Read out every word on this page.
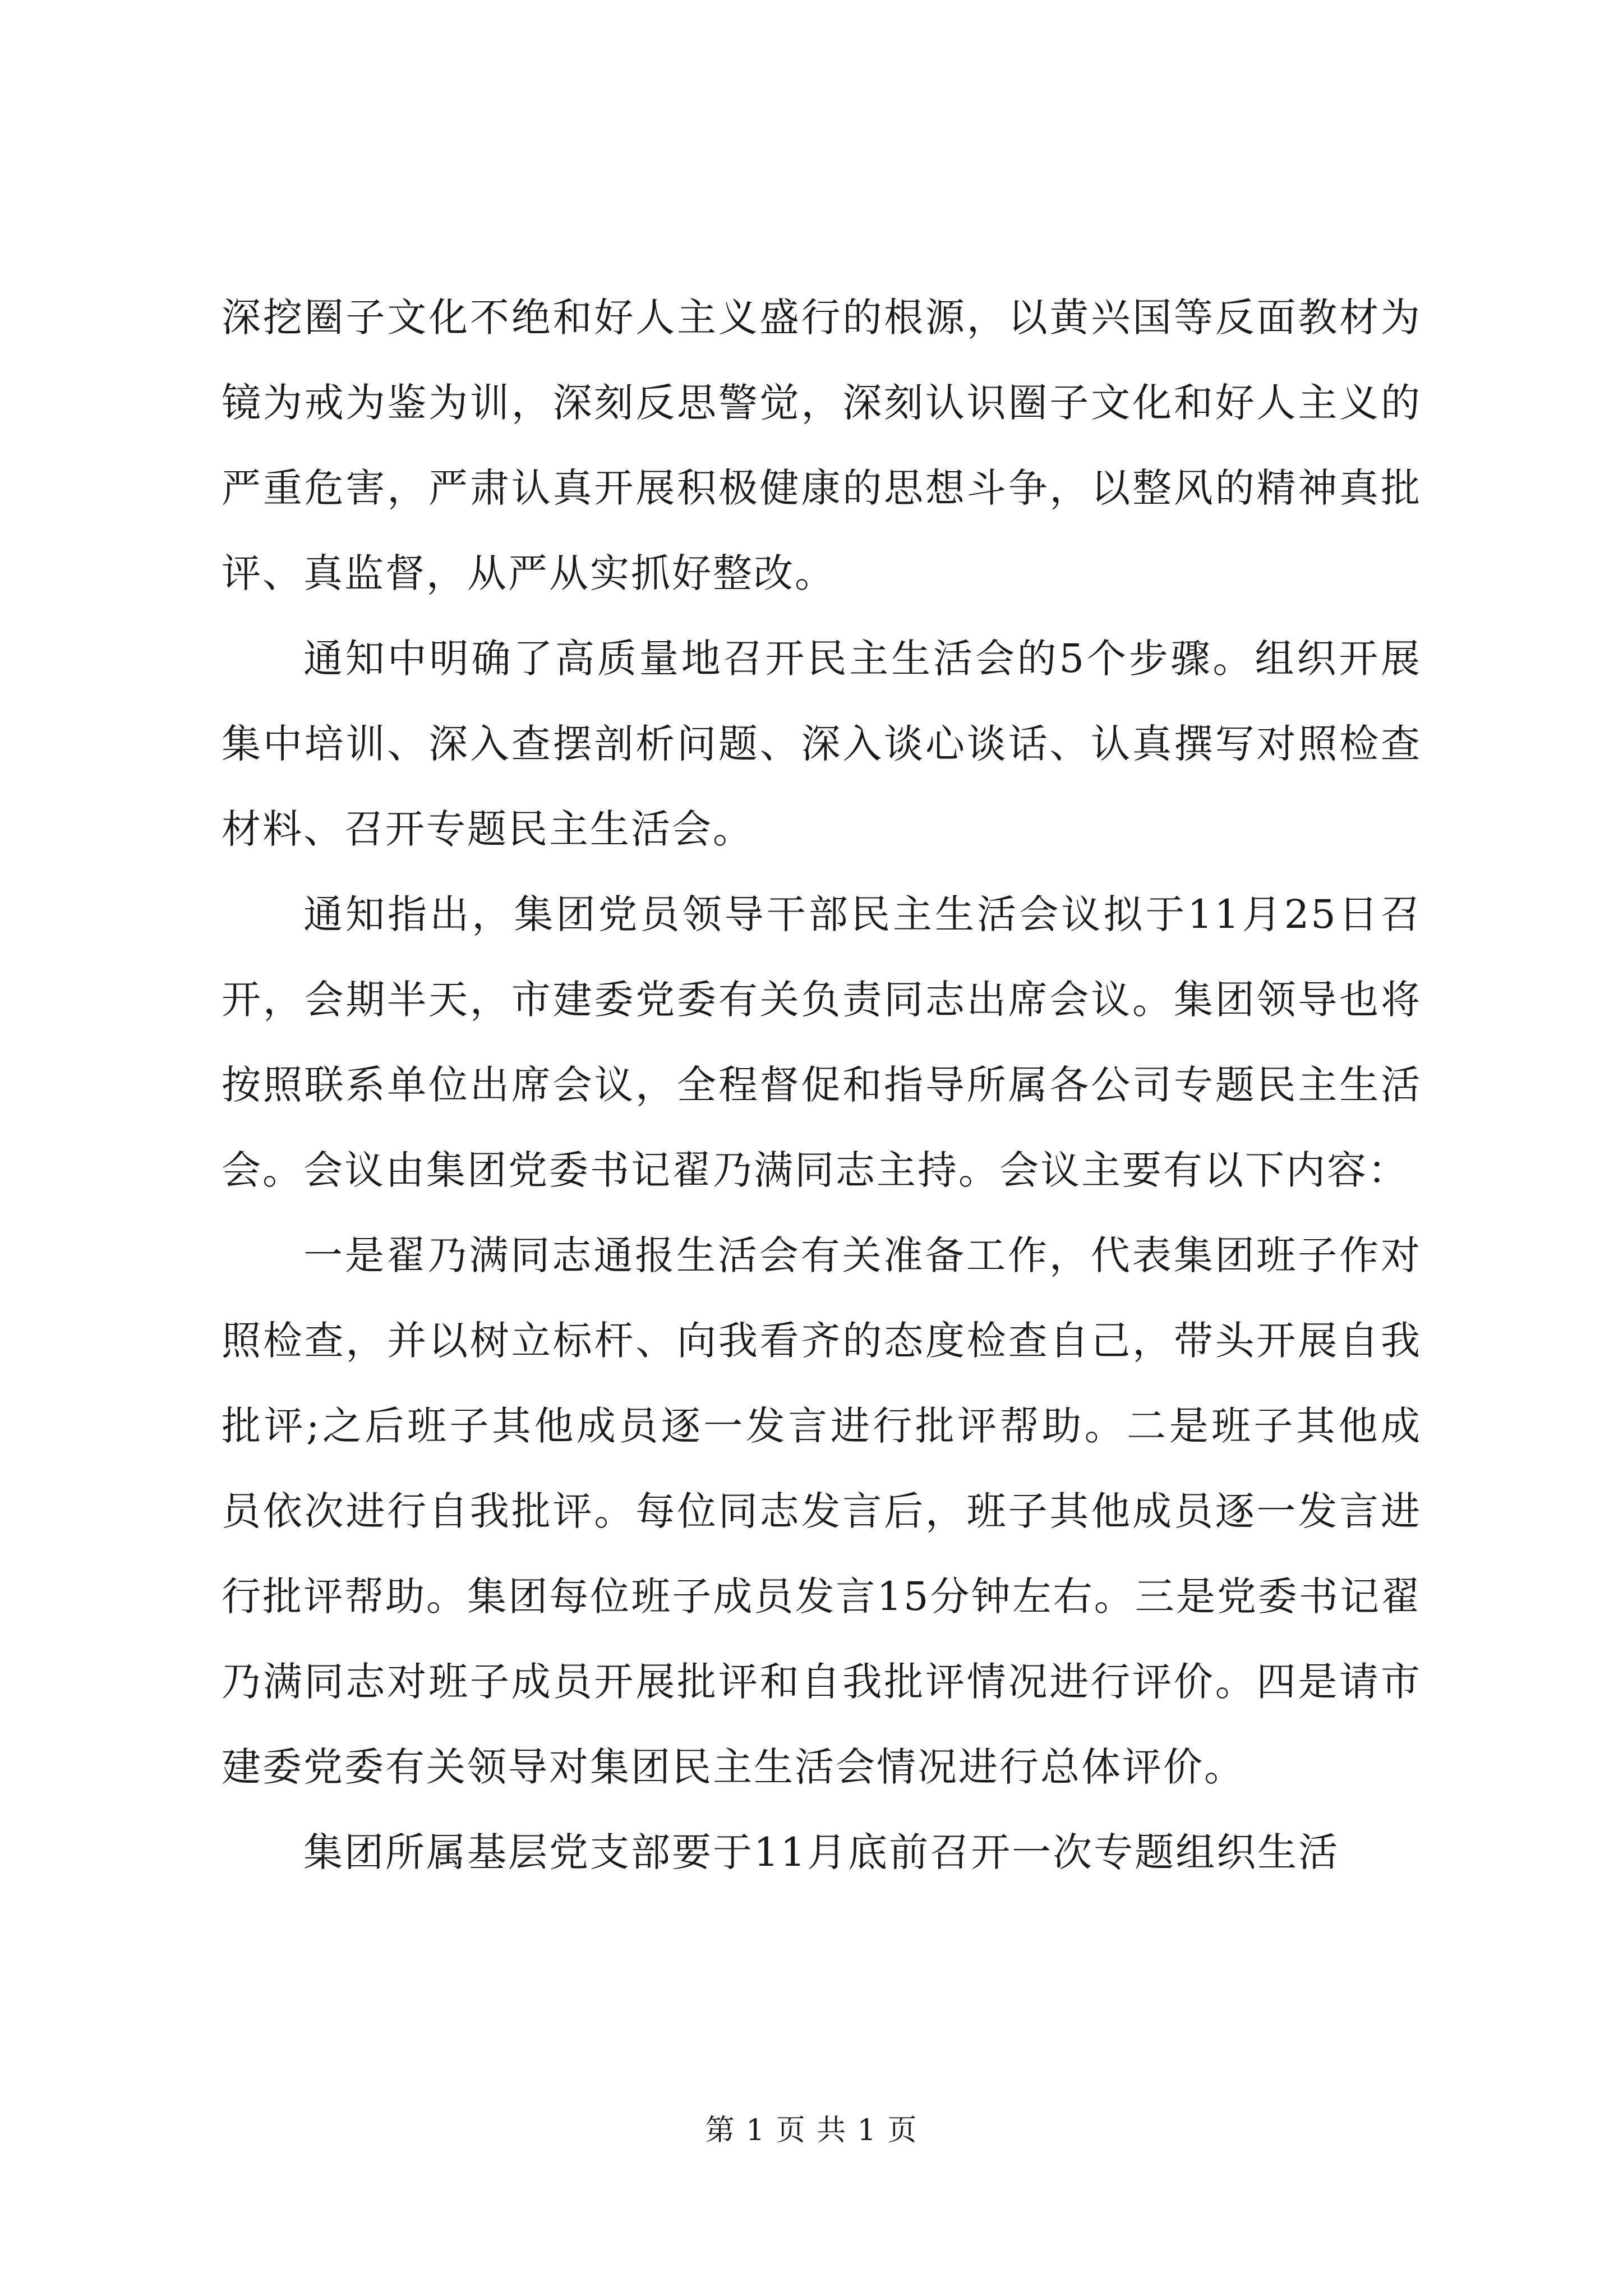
深挖圈子文化不绝和好人主义盛行的根源，以黄兴国等反面教材为镜为戒为鉴为训，深刻反思警觉，深刻认识圈子文化和好人主义的严重危害，严肃认真开展积极健康的思想斗争，以整风的精神真批评、真监督，从严从实抓好整改。

通知中明确了高质量地召开民主生活会的5个步骤。组织开展集中培训、深入查摆剖析问题、深入谈心谈话、认真撰写对照检查材料、召开专题民主生活会。

通知指出，集团党员领导干部民主生活会议拟于11月25日召开，会期半天，市建委党委有关负责同志出席会议。集团领导也将按照联系单位出席会议，全程督促和指导所属各公司专题民主生活会。会议由集团党委书记翟乃满同志主持。会议主要有以下内容：

一是翟乃满同志通报生活会有关准备工作，代表集团班子作对照检查，并以树立标杆、向我看齐的态度检查自己，带头开展自我批评;之后班子其他成员逐一发言进行批评帮助。二是班子其他成员依次进行自我批评。每位同志发言后，班子其他成员逐一发言进行批评帮助。集团每位班子成员发言15分钟左右。三是党委书记翟乃满同志对班子成员开展批评和自我批评情况进行评价。四是请市建委党委有关领导对集团民主生活会情况进行总体评价。

集团所属基层党支部要于11月底前召开一次专题组织生活

第 1 页 共 1 页
